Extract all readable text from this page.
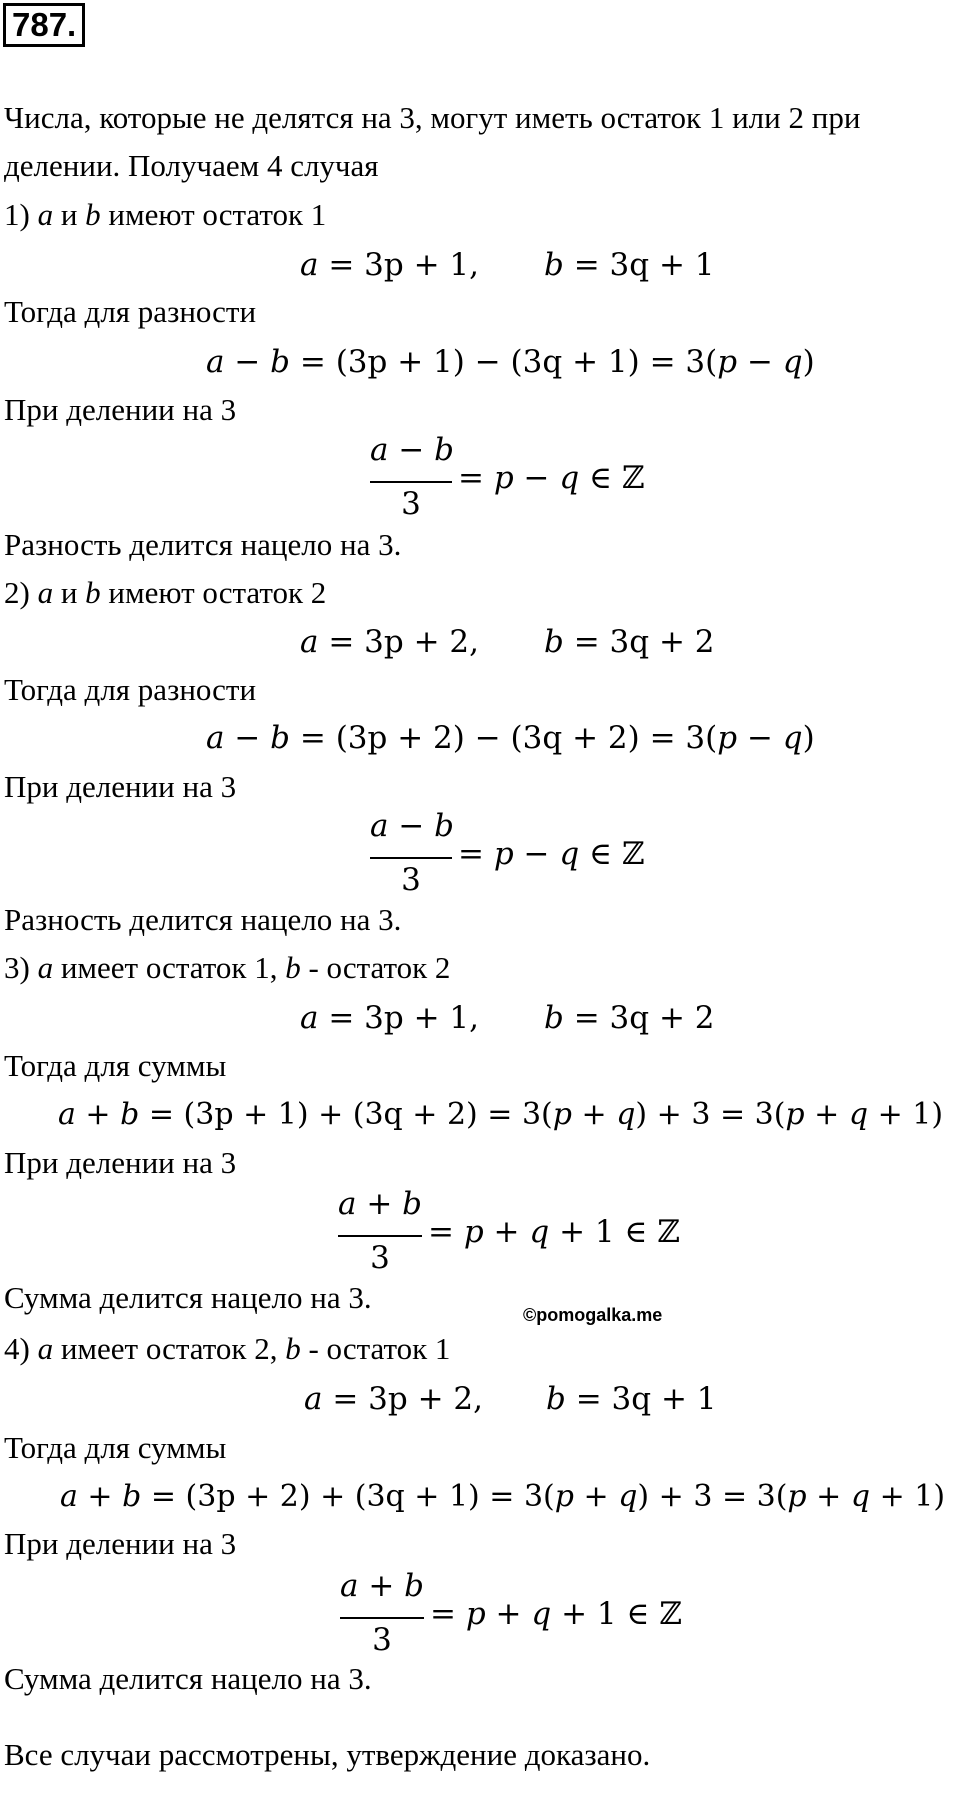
787.
Числа, которые не делятся на 3, могут иметь остаток 1 или 2 при
делении. Получаем 4 случая
1) a и b имеют остаток 1
a = 3p + 1, b = 3q + 1
Тогда для разности
a − b = (3p + 1) − (3q + 1) = 3(p − q)
При делении на 3
a − b
3
= p − q ∈ ℤ
Разность делится нацело на 3.
2) a и b имеют остаток 2
a = 3p + 2, b = 3q + 2
Тогда для разности
a − b = (3p + 2) − (3q + 2) = 3(p − q)
При делении на 3
a − b
3
= p − q ∈ ℤ
Разность делится нацело на 3.
3) a имеет остаток 1, b - остаток 2
a = 3p + 1, b = 3q + 2
Тогда для суммы
a + b = (3p + 1) + (3q + 2) = 3(p + q) + 3 = 3(p + q + 1)
При делении на 3
a + b
3
= p + q + 1 ∈ ℤ
Сумма делится нацело на 3.	©pomogalka.me
4) a имеет остаток 2, b - остаток 1
a = 3p + 2, b = 3q + 1
Тогда для суммы
a + b = (3p + 2) + (3q + 1) = 3(p + q) + 3 = 3(p + q + 1)
При делении на 3
a + b
3
= p + q + 1 ∈ ℤ
Сумма делится нацело на 3.
Все случаи рассмотрены, утверждение доказано.
